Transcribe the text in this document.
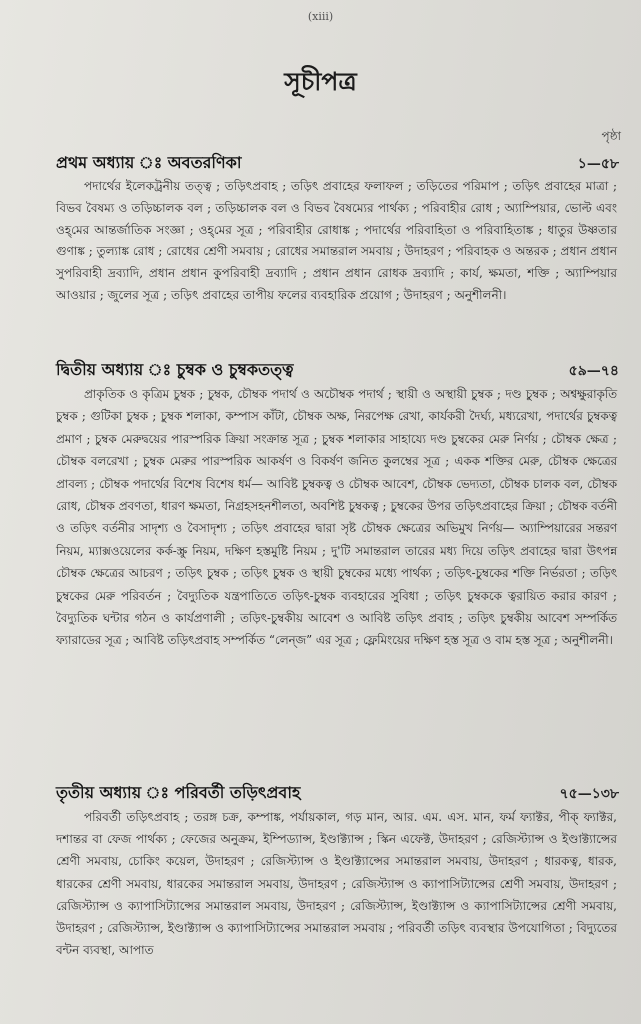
(xiii)
সূচীপত্র
পৃষ্ঠা
প্রথম অধ্যায় ঃ অবতরণিকা	১—৫৮
পদার্থের ইলেকট্রনীয় তত্ত্ব ; তড়িৎপ্রবাহ ; তড়িৎ প্রবাহের ফলাফল ; তড়িতের পরিমাপ ; তড়িৎ প্রবাহের মাত্রা ; বিভব বৈষম্য ও তড়িচ্চালক বল ; তড়িচ্চালক বল ও বিভব বৈষম্যের পার্থক্য ; পরিবাহীর রোধ ; অ্যাম্পিয়ার, ভোল্ট এবং ওহ্‌মের আন্তর্জাতিক সংজ্ঞা ; ওহ্‌মের সূত্র ; পরিবাহীর রোধাঙ্ক ; পদার্থের পরিবাহিতা ও পরিবাহিতাঙ্ক ; ধাতুর উষ্ণতার গুণাঙ্ক ; তুল্যাঙ্ক রোধ ; রোধের শ্রেণী সমবায় ; রোধের সমান্তরাল সমবায় ; উদাহরণ ; পরিবাহক ও অন্তরক ; প্রধান প্রধান সুপরিবাহী দ্রব্যাদি, প্রধান প্রধান কুপরিবাহী দ্রব্যাদি ; প্রধান প্রধান রোধক দ্রব্যাদি ; কার্য, ক্ষমতা, শক্তি ; অ্যাম্পিয়ার আওয়ার ; জুলের সূত্র ; তড়িৎ প্রবাহের তাপীয় ফলের ব্যবহারিক প্রয়োগ ; উদাহরণ ; অনুশীলনী।
দ্বিতীয় অধ্যায় ঃ চুম্বক ও চুম্বকতত্ত্ব	৫৯—৭৪
প্রাকৃতিক ও কৃত্রিম চুম্বক ; চুম্বক, চৌম্বক পদার্থ ও অচৌম্বক পদার্থ ; স্থায়ী ও অস্থায়ী চুম্বক ; দণ্ড চুম্বক ; অশ্বক্ষুরাকৃতি চুম্বক ; গুটিকা চুম্বক ; চুম্বক শলাকা, কম্পাস কাঁটা, চৌম্বক অক্ষ, নিরপেক্ষ রেখা, কার্যকরী দৈর্ঘ্য, মধ্যরেখা, পদার্থের চুম্বকত্ব প্রমাণ ; চুম্বক মেরুদ্বয়ের পারস্পরিক ক্রিয়া সংক্রান্ত সূত্র ; চুম্বক শলাকার সাহায্যে দণ্ড চুম্বকের মেরু নির্ণয় ; চৌম্বক ক্ষেত্র ; চৌম্বক বলরেখা ; চুম্বক মেরুর পারস্পরিক আকর্ষণ ও বিকর্ষণ জনিত কুলম্বের সূত্র ; একক শক্তির মেরু, চৌম্বক ক্ষেত্রের প্রাবল্য ; চৌম্বক পদার্থের বিশেষ বিশেষ ধর্ম— আবিষ্ট চুম্বকত্ব ও চৌম্বক আবেশ, চৌম্বক ভেদ্যতা, চৌম্বক চালক বল, চৌম্বক রোধ, চৌম্বক প্রবণতা, ধারণ ক্ষমতা, নিগ্রহসহনশীলতা, অবশিষ্ট চুম্বকত্ব ; চুম্বকের উপর তড়িৎপ্রবাহের ক্রিয়া ; চৌম্বক বর্তনী ও তড়িৎ বর্তনীর সাদৃশ্য ও বৈসাদৃশ্য ; তড়িৎ প্রবাহের দ্বারা সৃষ্ট চৌম্বক ক্ষেত্রের অভিমুখ নির্ণয়— অ্যাম্পিয়ারের সন্তরণ নিয়ম, ম্যাক্সওয়েলের কর্ক-স্ক্রু নিয়ম, দক্ষিণ হস্তমুষ্টি নিয়ম ; দু'টি সমান্তরাল তারের মধ্য দিয়ে তড়িৎ প্রবাহের দ্বারা উৎপন্ন চৌম্বক ক্ষেত্রের আচরণ ; তড়িৎ চুম্বক ; তড়িৎ চুম্বক ও স্থায়ী চুম্বকের মধ্যে পার্থক্য ; তড়িৎ-চুম্বকের শক্তি নির্ভরতা ; তড়িৎ চুম্বকের মেরু পরিবর্তন ; বৈদ্যুতিক যন্ত্রপাতিতে তড়িৎ-চুম্বক ব্যবহারের সুবিধা ; তড়িৎ চুম্বককে ত্বরায়িত করার কারণ ; বৈদ্যুতিক ঘন্টার গঠন ও কার্যপ্রণালী ; তড়িৎ-চুম্বকীয় আবেশ ও আবিষ্ট তড়িৎ প্রবাহ ; তড়িৎ চুম্বকীয় আবেশ সম্পর্কিত ফ্যারাডের সূত্র ; আবিষ্ট তড়িৎপ্রবাহ সম্পর্কিত “লেন্‌জ” এর সূত্র ; ফ্লেমিংয়ের দক্ষিণ হস্ত সূত্র ও বাম হস্ত সূত্র ; অনুশীলনী।
তৃতীয় অধ্যায় ঃ পরিবর্তী তড়িৎপ্রবাহ	৭৫—১৩৮
পরিবর্তী তড়িৎপ্রবাহ ; তরঙ্গ চক্র, কম্পাঙ্ক, পর্যায়কাল, গড় মান, আর. এম. এস. মান, ফর্ম ফ্যাক্টর, পীক্ ফ্যাক্টর, দশান্তর বা ফেজ পার্থক্য ; ফেজের অনুক্রম, ইম্পিড্যান্স, ইণ্ডাক্ট্যান্স ; স্কিন এফেক্ট, উদাহরণ ; রেজিস্ট্যান্স ও ইণ্ডাক্ট্যান্সের শ্রেণী সমবায়, চোকিং কয়েল, উদাহরণ ; রেজিস্ট্যান্স ও ইণ্ডাক্ট্যান্সের সমান্তরাল সমবায়, উদাহরণ ; ধারকত্ব, ধারক, ধারকের শ্রেণী সমবায়, ধারকের সমান্তরাল সমবায়, উদাহরণ ; রেজিস্ট্যান্স ও ক্যাপাসিট্যান্সের শ্রেণী সমবায়, উদাহরণ ; রেজিস্ট্যান্স ও ক্যাপাসিট্যান্সের সমান্তরাল সমবায়, উদাহরণ ; রেজিস্ট্যান্স, ইণ্ডাক্ট্যান্স ও ক্যাপাসিট্যান্সের শ্রেণী সমবায়, উদাহরণ ; রেজিস্ট্যান্স, ইণ্ডাক্ট্যান্স ও ক্যাপাসিট্যান্সের সমান্তরাল সমবায় ; পরিবর্তী তড়িৎ ব্যবস্থার উপযোগিতা ; বিদ্যুতের বন্টন ব্যবস্থা, আপাত
